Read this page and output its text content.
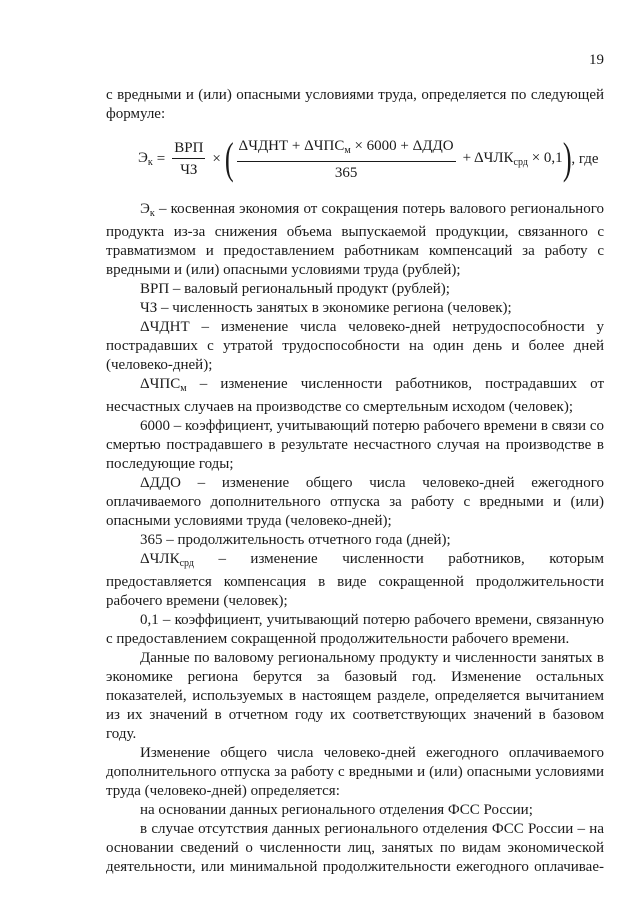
19

с вредными и (или) опасными условиями труда, определяется по следующей формуле:

$Э_к = \frac{\text{ВРП}}{ЧЗ}$ × ( $\frac{\Delta ЧДНТ + \Delta ЧПС_м \times 6000 + \Delta ДДО}{365} + \Delta ЧЛК_{срд} \times 0,1$ ) , где

$Э_к$ – косвенная экономия от сокращения потерь валового регионального продукта из-за снижения объема выпускаемой продукции, связанного с травматизмом и предоставлением работникам компенсаций за работу с вредными и (или) опасными условиями труда (рублей);

ВРП – валовый региональный продукт (рублей);

ЧЗ – численность занятых в экономике региона (человек);

ΔЧДНТ – изменение числа человеко-дней нетрудоспособности у пострадавших с утратой трудоспособности на один день и более дней (человеко-дней);

$\Delta ЧПС_м$ – изменение численности работников, пострадавших от несчастных случаев на производстве со смертельным исходом (человек);

6000 – коэффициент, учитывающий потерю рабочего времени в связи со смертью пострадавшего в результате несчастного случая на производстве в последующие годы;

ΔДДО – изменение общего числа человеко-дней ежегодного оплачиваемого дополнительного отпуска за работу с вредными и (или) опасными условиями труда (человеко-дней);

365 – продолжительность отчетного года (дней);

$\Delta ЧЛК_{срд}$ – изменение численности работников, которым предоставляется компенсация в виде сокращенной продолжительности рабочего времени (человек);

0,1 – коэффициент, учитывающий потерю рабочего времени, связанную с предоставлением сокращенной продолжительности рабочего времени.

Данные по валовому региональному продукту и численности занятых в экономике региона берутся за базовый год. Изменение остальных показателей, используемых в настоящем разделе, определяется вычитанием из их значений в отчетном году их соответствующих значений в базовом году.

Изменение общего числа человеко-дней ежегодного оплачиваемого дополнительного отпуска за работу с вредными и (или) опасными условиями труда (человеко-дней) определяется:

на основании данных регионального отделения ФСС России;

в случае отсутствия данных регионального отделения ФСС России – на основании сведений о численности лиц, занятых по видам экономической деятельности, или минимальной продолжительности ежегодного оплачивае-
